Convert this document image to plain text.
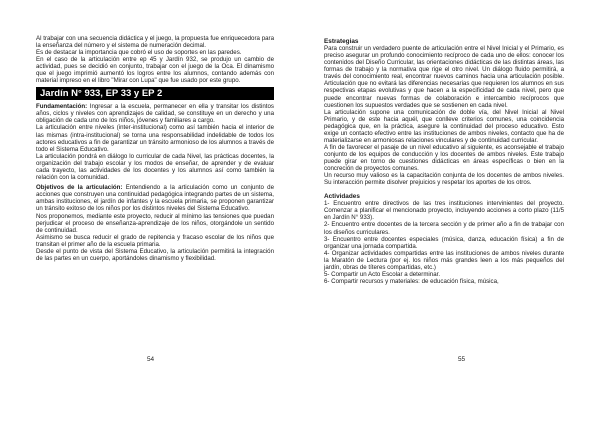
Al trabajar con una secuencia didáctica y el juego, la propuesta fue enriquecedora para la enseñanza del número y el sistema de numeración decimal.

Es de destacar la importancia que cobró el uso de soportes en las paredes.

En el caso de la articulación entre ep 45 y Jardín 932, se produjo un cambio de actividad, pues se decidió en conjunto, trabajar con el juego de la Oca. El dinamismo que el juego imprimió aumentó los logros entre los alumnos, contando además con material impreso en el libro "Mirar con Lupa" que fue usado por este grupo.

Jardín N° 933, EP 33 y EP 2

Fundamentación: Ingresar a la escuela, permanecer en ella y transitar los distintos años, ciclos y niveles con aprendizajes de calidad, se constituye en un derecho y una obligación de cada uno de los niños, jóvenes y familiares a cargo.

La articulación entre niveles (inter-institucional) como así también hacia el interior de las mismas (intra-institucional) se torna una responsabilidad indelidable de todos los actores educativos a fin de garantizar un tránsito armonioso de los alumnos a través de todo el Sistema Educativo.

La articulación pondrá en diálogo lo curricular de cada Nivel, las prácticas docentes, la organización del trabajo escolar y los modos de enseñar, de aprender y de evaluar cada trayecto, las actividades de los docentes y los alumnos así como también la relación con la comunidad.

Objetivos de la articulación: Entendiendo a la articulación como un conjunto de acciones que construyen una continuidad pedagógica integrando partes de un sistema, ambas instituciones, el jardín de infantes y la escuela primaria, se proponen garantizar un tránsito exitoso de los niños por los distintos niveles del Sistema Educativo.

Nos proponemos, mediante este proyecto, reducir al mínimo las tensiones que puedan perjudicar el proceso de enseñanza-aprendizaje de los niños, otorgándole un sentido de continuidad.

Asimismo se busca reducir el grado de repitencia y fracaso escolar de los niños que transitan el primer año de la escuela primaria.

Desde el punto de vista del Sistema Educativo, la articulación permitirá la integración de las partes en un cuerpo, aportándoles dinamismo y flexibilidad.

54

Estrategias

Para construir un verdadero puente de articulación entre el Nivel Inicial y el Primario, es preciso asegurar un profundo conocimiento recíproco de cada uno de ellos: conocer los contenidos del Diseño Curricular, las orientaciones didácticas de las distintas áreas, las formas de trabajo y la normativa que rige el otro nivel. Un diálogo fluido permitirá, a través del conocimiento real, encontrar nuevos caminos hacia una articulación posible. Articulación que no evitará las diferencias necesarias que requieren los alumnos en sus respectivas etapas evolutivas y que hacen a la especificidad de cada nivel, pero que puede encontrar nuevas formas de colaboración e intercambio recíprocos que cuestionen los supuestos verdades que se sostienen en cada nivel.

La articulación supone una comunicación de doble vía, del Nivel Inicial al Nivel Primario, y de este hacia aquél, que conlleve criterios comunes, una coincidencia pedagógica que, en la práctica, asegure la continuidad del proceso educativo. Esto exige un contacto efectivo entre las instituciones de ambos niveles, contacto que ha de materializarse en armoniosas relaciones vinculares y de continuidad curricular.

A fin de favorecer el pasaje de un nivel educativo al siguiente, es aconsejable el trabajo conjunto de los equipos de conducción y los docentes de ambos niveles. Este trabajo puede girar en torno de cuestiones didácticas en áreas específicas o bien en la concreción de proyectos comunes.

Un recurso muy valioso es la capacitación conjunta de los docentes de ambos niveles. Su interacción permite disolver prejuicios y respetar los aportes de los otros.

Actividades

1- Encuentro entre directivos de las tres instituciones intervinientes del proyecto. Comenzar a planificar el mencionado proyecto, incluyendo acciones a corto plazo (11/5 en Jardín N° 933).

2- Encuentro entre docentes de la tercera sección y de primer año a fin de trabajar con los diseños curriculares.

3- Encuentro entre docentes especiales (música, danza, educación física) a fin de organizar una jornada compartida.

4- Organizar actividades compartidas entre las instituciones de ambos niveles durante la Maratón de Lectura (por ej. los niños más grandes leen a los más pequeños del jardín, obras de títeres compartidas, etc.)

5- Compartir un Acto Escolar a determinar.

6- Compartir recursos y materiales: de educación física, música,

55
